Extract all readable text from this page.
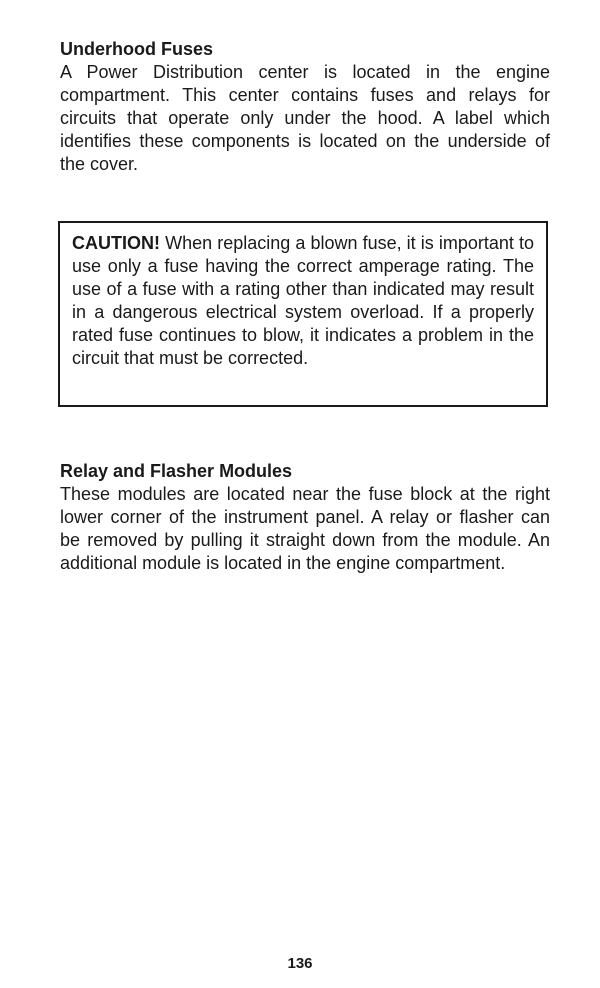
Underhood Fuses

A Power Distribution center is located in the engine compartment. This center contains fuses and relays for circuits that operate only under the hood. A label which identifies these components is located on the underside of the cover.

CAUTION! When replacing a blown fuse, it is important to use only a fuse having the correct amperage rating. The use of a fuse with a rating other than indicated may result in a dangerous electrical system overload. If a properly rated fuse continues to blow, it indicates a problem in the circuit that must be corrected.

Relay and Flasher Modules

These modules are located near the fuse block at the right lower corner of the instrument panel. A relay or flasher can be removed by pulling it straight down from the module. An additional module is located in the engine compartment.

136
